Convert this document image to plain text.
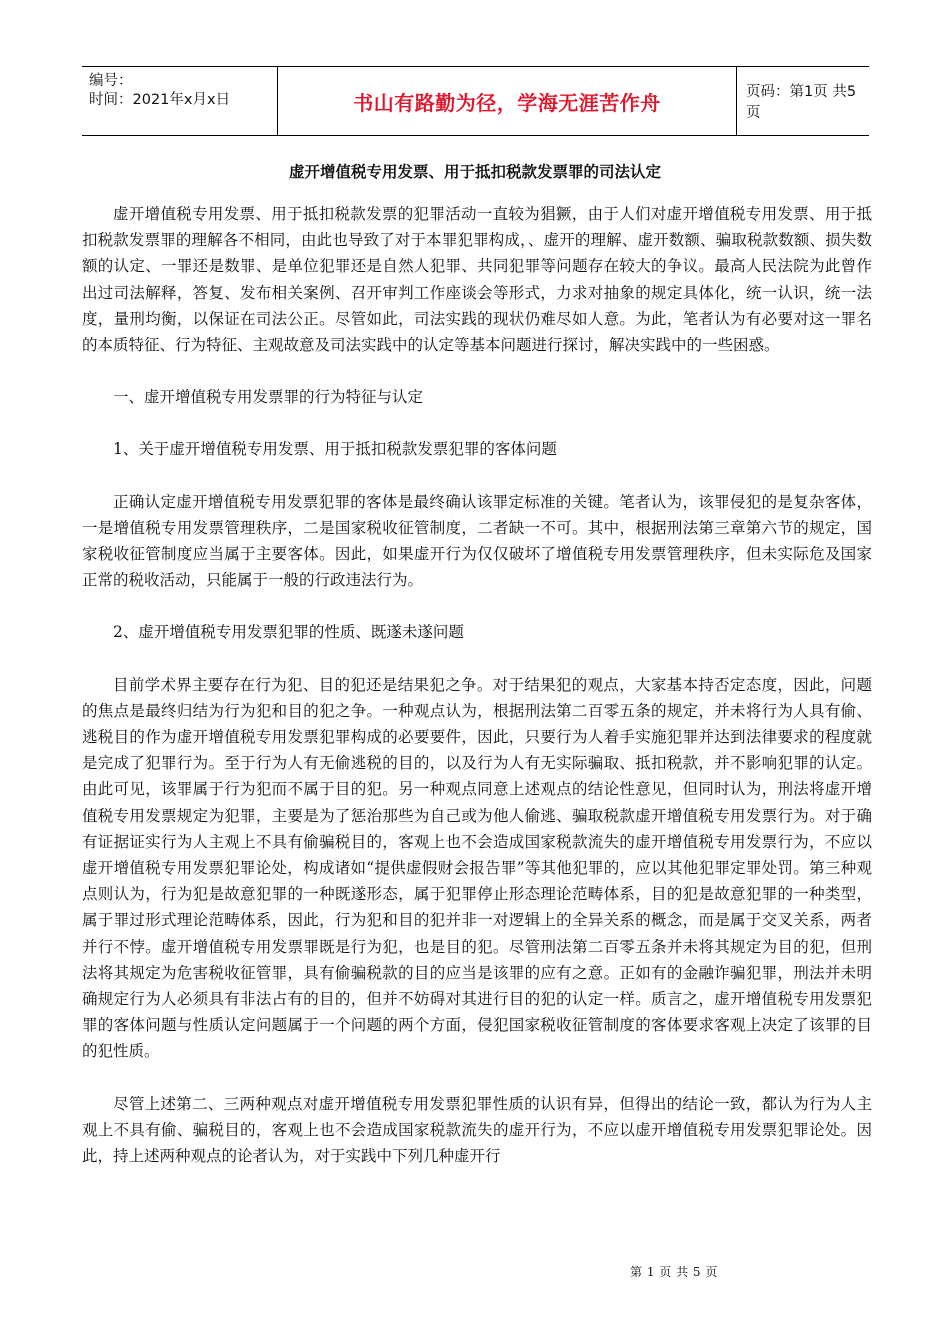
编号：
时间：2021年x月x日	书山有路勤为径，学海无涯苦作舟	页码：第1页 共5页
虚开增值税专用发票、用于抵扣税款发票罪的司法认定

虚开增值税专用发票、用于抵扣税款发票的犯罪活动一直较为猖獗，由于人们对虚开增值税专用发票、用于抵扣税款发票罪的理解各不相同，由此也导致了对于本罪犯罪构成，、虚开的理解、虚开数额、骗取税款数额、损失数额的认定、一罪还是数罪、是单位犯罪还是自然人犯罪、共同犯罪等问题存在较大的争议。最高人民法院为此曾作出过司法解释，答复、发布相关案例、召开审判工作座谈会等形式，力求对抽象的规定具体化，统一认识，统一法度，量刑均衡，以保证在司法公正。尽管如此，司法实践的现状仍难尽如人意。为此，笔者认为有必要对这一罪名的本质特征、行为特征、主观故意及司法实践中的认定等基本问题进行探讨，解决实践中的一些困惑。

一、虚开增值税专用发票罪的行为特征与认定

1、关于虚开增值税专用发票、用于抵扣税款发票犯罪的客体问题

正确认定虚开增值税专用发票犯罪的客体是最终确认该罪定标准的关键。笔者认为，该罪侵犯的是复杂客体，一是增值税专用发票管理秩序，二是国家税收征管制度，二者缺一不可。其中，根据刑法第三章第六节的规定，国家税收征管制度应当属于主要客体。因此，如果虚开行为仅仅破坏了增值税专用发票管理秩序，但未实际危及国家正常的税收活动，只能属于一般的行政违法行为。

2、虚开增值税专用发票犯罪的性质、既遂未遂问题

目前学术界主要存在行为犯、目的犯还是结果犯之争。对于结果犯的观点，大家基本持否定态度，因此，问题的焦点是最终归结为行为犯和目的犯之争。一种观点认为，根据刑法第二百零五条的规定，并未将行为人具有偷、逃税目的作为虚开增值税专用发票犯罪构成的必要要件，因此，只要行为人着手实施犯罪并达到法律要求的程度就是完成了犯罪行为。至于行为人有无偷逃税的目的，以及行为人有无实际骗取、抵扣税款，并不影响犯罪的认定。由此可见，该罪属于行为犯而不属于目的犯。另一种观点同意上述观点的结论性意见，但同时认为，刑法将虚开增值税专用发票规定为犯罪，主要是为了惩治那些为自己或为他人偷逃、骗取税款虚开增值税专用发票行为。对于确有证据证实行为人主观上不具有偷骗税目的，客观上也不会造成国家税款流失的虚开增值税专用发票行为，不应以虚开增值税专用发票犯罪论处，构成诸如“提供虚假财会报告罪”等其他犯罪的，应以其他犯罪定罪处罚。第三种观点则认为，行为犯是故意犯罪的一种既遂形态，属于犯罪停止形态理论范畴体系，目的犯是故意犯罪的一种类型，属于罪过形式理论范畴体系，因此，行为犯和目的犯并非一对逻辑上的全异关系的概念，而是属于交叉关系，两者并行不悖。虚开增值税专用发票罪既是行为犯，也是目的犯。尽管刑法第二百零五条并未将其规定为目的犯，但刑法将其规定为危害税收征管罪，具有偷骗税款的目的应当是该罪的应有之意。正如有的金融诈骗犯罪，刑法并未明确规定行为人必须具有非法占有的目的，但并不妨碍对其进行目的犯的认定一样。质言之，虚开增值税专用发票犯罪的客体问题与性质认定问题属于一个问题的两个方面，侵犯国家税收征管制度的客体要求客观上决定了该罪的目的犯性质。

尽管上述第二、三两种观点对虚开增值税专用发票犯罪性质的认识有异，但得出的结论一致，都认为行为人主观上不具有偷、骗税目的，客观上也不会造成国家税款流失的虚开行为，不应以虚开增值税专用发票犯罪论处。因此，持上述两种观点的论者认为，对于实践中下列几种虚开行

第 1 页 共 5 页
